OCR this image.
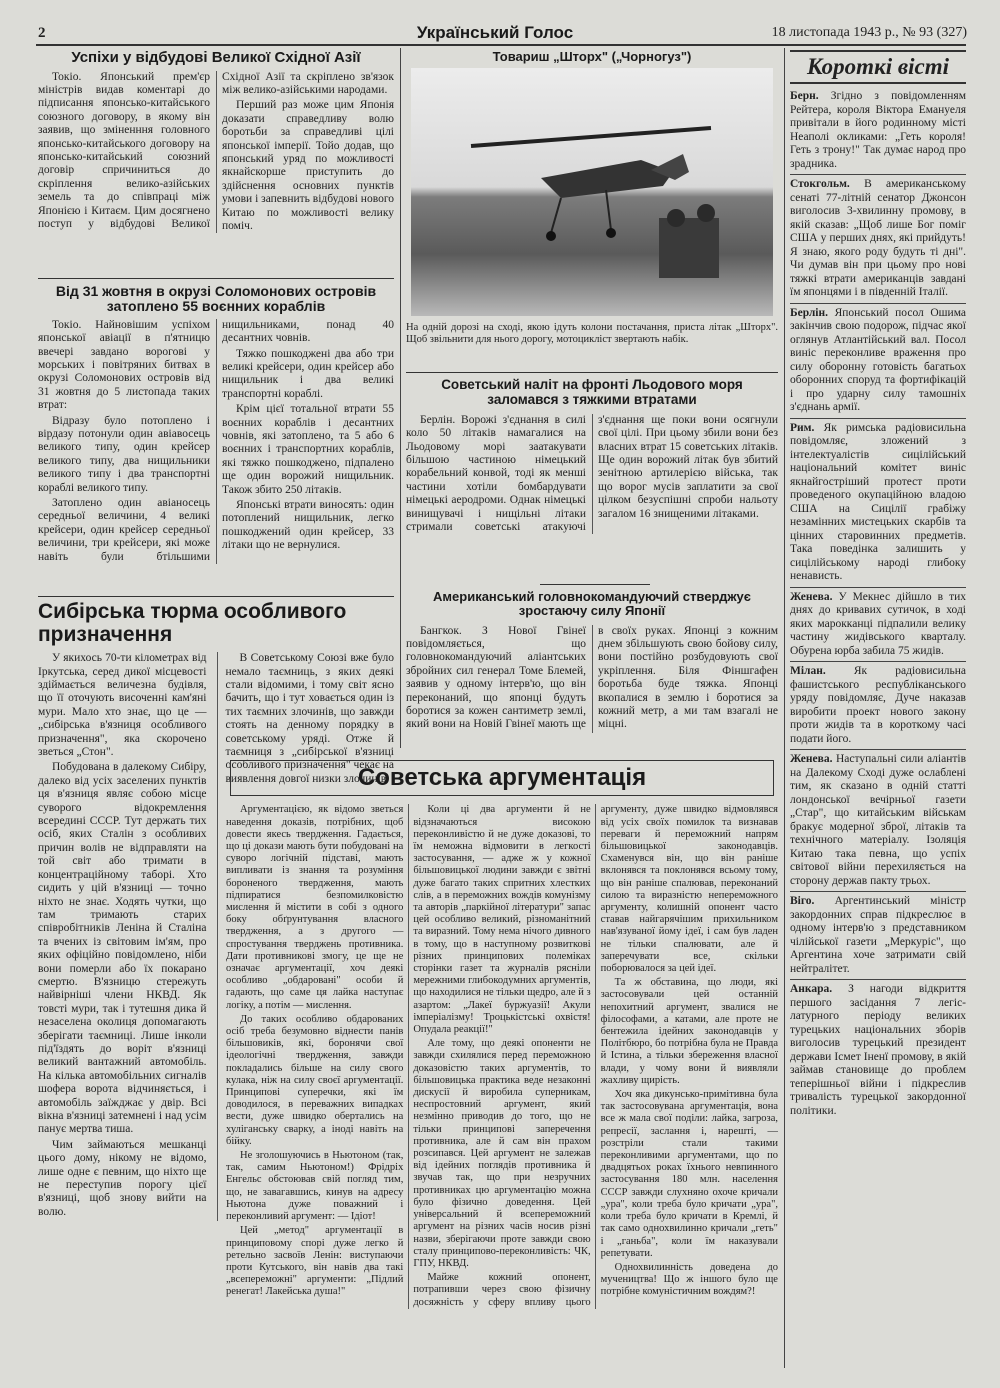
2	Український Голос	18 листопада 1943 р., № 93 (327)
Успіхи у відбудові Великої Східної Азії

Токіо. Японський прем'єр міністрів видав коментарі до підписання японсько-китайського союзного договору, в якому він заявив, що зміненння головного японсько-китайського договору на японсько-китайський союзний договір спричиниться до скріплення велико-азійських земель та до співпраці між Японією і Китаєм. Цим досягнено поступ у відбудові Великої Східної Азії та скріплено зв'язок між велико-азійськими народами.

Перший раз може цим Японія доказати справедливу волю боротьби за справедливі цілі японської імперії. Тойо додав, що японський уряд по можливості якнайскорше приступить до здійснення основних пунктів умови і запевнить відбудові нового Китаю по можливості велику поміч.

Від 31 жовтня в окрузі Соломонових островів затоплено 55 воєнних кораблів

Токіо. Найновішим успіхом японської авіації в п'ятницю ввечері завдано ворогові у морських і повітряних битвах в окрузі Соломонових островів від 31 жовтня до 5 листопада таких втрат:

Відразу було потоплено і вірдазу потонули один авіавосець великого типу, один крейсер великого типу, два нищильники великого типу і два транспортні кораблі великого типу.

Затоплено один авіаносець середньої величини, 4 великі крейсери, один крейсер середньої величини, три крейсери, які може навіть були бтільшими нищильниками, понад 40 десантних човнів.

Тяжко пошкоджені два або три великі крейсери, один крейсер або нищильник і два великі транспортні кораблі.

Крім цієї тотальної втрати 55 воєнних кораблів і десантних човнів, які затоплено, та 5 або 6 воєнних і транспортних кораблів, які тяжко пошкоджено, підпалено ще один ворожий нищильник. Також збито 250 літаків.

Японські втрати виносять: один потоплений нищильник, легко пошкоджений один крейсер, 33 літаки що не вернулися.

Товариш „Шторх" („Чорногуз")
На одній дорозі на сході, якою ідуть колони постачання, приста літак „Шторх". Щоб звільнити для нього дорогу, мотоцикліст звертають набік.
Советський наліт на фронті Льодового моря заломався з тяжкими втратами

Берлін. Ворожі з'єднання в силі коло 50 літаків намагалися на Льодовому морі заатакувати більшою частиною німецький корабельний конвой, тоді як менші частини хотіли бомбардувати німецькі аеродроми. Однак німецькі винищувачі і нищільні літаки стримали советські атакуючі з'єднання ще поки вони осягнули свої цілі. При цьому збили вони без власних втрат 15 советських літаків. Ще один ворожий літак був збитий зенітною артилерією війська, так що ворог мусів заплатити за свої цілком безуспішні спроби нальоту загалом 16 знищеними літаками.

Американський головнокомандуючий стверджує зростаючу силу Японії

Бангкок. З Нової Гвінеї повідомляється, що головнокомандуючий аліантських збройних сил генерал Томе Блемей, заявив у одному інтерв'ю, що він переконаний, що японці будуть боротися за кожен сантиметр землі, який вони на Новій Гвінеї мають ще в своїх руках. Японці з кожним днем збільшують свою бойову силу, вони постійно розбудовують свої укріплення. Біля Фіншгафен боротьба буде тяжка. Японці вкопалися в землю і боротися за кожний метр, а ми там взагалі не міцні.

Сибірська тюрма особливого призначення

У якихось 70-ти кілометрах від Іркутська, серед дикої місцевості здіймається величезна будівля, що її оточують височенні кам'яні мури. Мало хто знає, що це — „сибірська в'язниця особливого призначення", яка скорочено зветься „Стон".

Побудована в далекому Сибіру, далеко від усіх заселених пунктів ця в'язниця являє собою місце суворого відокремлення всередині СССР. Тут держать тих осіб, яких Сталін з особливих причин волів не відправляти на той світ або тримати в концентраційному таборі. Хто сидить у цій в'язниці — точно ніхто не знає. Ходять чутки, що там тримають старих співробітників Леніна й Сталіна та вчених із світовим ім'ям, про яких офіційно повідомлено, ніби вони померли або їх покарано смертю. В'язницю стережуть найвірніші члени НКВД. Як товсті мури, так і тутешня дика й незаселена околиця допомагають зберігати таємниці. Лише інколи під'їздять до воріт в'язниці великий вантажний автомобіль. На кілька автомобільних сигналів шофера ворота відчиняється, і автомобіль заїжджає у двір. Всі вікна в'язниці затемнені і над усім панує мертва тиша.

Чим займаються мешканці цього дому, нікому не відомо, лише одне є певним, що ніхто ще не переступив порогу цієї в'язниці, щоб знову вийти на волю.

В Советському Союзі вже було немало таємниць, з яких деякі стали відомими, і тому світ ясно бачить, що і тут ховається один із тих таємних злочинів, що завжди стоять на денному порядку в советському уряді. Отже й таємниця з „сибірської в'язниці особливого призначення" чекає на виявлення довгої низки злочинів.

Советська аргументація

Аргументацією, як відомо зветься наведення доказів, потрібних, щоб довести якесь твердження. Гадається, що ці докази мають бути побудовані на суворо логічній підставі, мають випливати із знання та розуміння бороненого твердження, мають підпиратися безпомилковістю мислення й містити в собі з одного боку обґрунтування власного твердження, а з другого — спростування тверджень противника. Дати противникові змогу, це ще не означає аргументації, хоч деякі особливо „обдаровані" особи й гадають, що саме ця лайка наступає логіку, а потім — мислення.

До таких особливо обдарованих осіб треба безумовно віднести панів більшовиків, які, боронячи свої ідеологічні твердження, завжди покладались більше на силу свого кулака, ніж на силу своєї аргументації. Принципові суперечки, які їм доводилося, в переважних випадках вести, дуже швидко обертались на хуліганську сварку, а іноді навіть на бійку.

Не зголошуючись в Ньютоном (так, так, самим Ньютоном!) Фрідріх Енгельс обстоював свій погляд тим, що, не завагавшись, кинув на адресу Ньютона дуже поважний і переконливий аргумент: — Ідіот!

Цей „метод" аргументації в принциповому спорі дуже легко й ретельно засвоїв Ленін: виступаючи проти Кутського, він навів два такі „всепереможні" аргументи: „Підлий ренегат! Лакейська душа!"

Коли ці два аргументи й не відзначаються високою переконливістю й не дуже доказові, то їм неможна відмовити в легкості застосування, — адже ж у кожної більшовицької людини завжди є звітні дуже багато таких спритних хлестких слів, а в переможних вождів комунізму та авторів „паркійної літератури" запас цей особливо великий, різноманітний та виразний. Тому нема нічого дивного в тому, що в наступному розвиткові різних принципових полеміках сторінки газет та журналів рясніли мережними глибокодумних аргументів, що находилися не тільки щедро, але й з азартом: „Лакеї буржуазії! Акули імперіалізму! Троцькістські охвістя! Опудала реакції!"

Але тому, що деякі опоненти не завжди схилялися перед переможною доказовістю таких аргументів, то більшовицька практика веде незаконні дискусії й виробила суперникам, неспростовний аргумент, який незмінно приводив до того, що не тільки принципові заперечення противника, але й сам він прахом розсипався. Цей аргумент не залежав від ідейних поглядів противника й звучав так, що при незручних противниках цю аргументацію можна було фізично доведення. Цей універсальний й всепереможний аргумент на різних часів носив різні назви, зберігаючи проте завжди свою сталу принципово-переконливість: ЧК, ГПУ, НКВД.

Майже кожний опонент, потрапивши через свою фізичну досяжність у сферу впливу цього аргументу, дуже швидко відмовлявся від усіх своїх помилок та визнавав переваги й переможний напрям більшовицької законодавців. Схаменувся він, що він раніше вклонявся та поклонявся всьому тому, що він раніше спалював, переконаний силою та виразністю непереможного аргументу, колишній опонент часто ставав найгарячішим прихильником нав'язуваної йому ідеї, і сам був ладен не тільки спалювати, але й заперечувати все, скільки поборювалося за цей ідеї.

Та ж обставина, що люди, які застосовували цей останній непохитний аргумент, звалися не філософами, а катами, але проте не бентежила ідейних законодавців у Політбюро, бо потрібна була не Правда й Істина, а тільки збереження власної влади, у чому вони й виявляли жахливу щирість.

Хоч яка дикунсько-примітивна була так застосовувана аргументація, вона все ж мала свої поділи: лайка, загроза, репресії, заслання і, нарешті, — розстріли стали такими переконливими аргументами, що по двадцятьох роках їхнього невпинного застосування 180 млн. населення СССР завжди слухняно охоче кричали „ура", коли треба було кричати „ура", коли треба було кричати в Кремлі, й так само однохвилинно кричали „геть" і „ганьба", коли їм наказували репетувати.

Однохвилинність доведена до мучеництва! Що ж іншого було ще потрібне комуністичним вождям?!

Короткі вісті
Берн. Згідно з повідомленням Рейтера, короля Віктора Емануеля привітали в його родинному місті Неаполі окликами: „Геть короля! Геть з трону!" Так думає народ про зрадника.
Стокгольм. В американському сенаті 77-літній сенатор Джонсон виголосив 3-хвилинну промову, в якій сказав: „Щоб лише Бог поміг США у перших днях, які прийдуть! Я знаю, якого роду будуть ті дні". Чи думав він при цьому про нові тяжкі втрати американців завдані їм японцями і в південній Італії.
Берлін. Японський посол Ошима закінчив свою подорож, підчас якої оглянув Атлантійський вал. Посол виніс переконливе враження про силу оборонну готовість багатьох оборонних споруд та фортифікацій і про ударну силу тамошніх з'єднань армії.
Рим. Як римська радіовисильна повідомляє, зложений з інтелектуалістів сицілійський національний комітет виніс якнайгостріший протест проти проведеного окупаційною владою США на Сицілії грабіжу незамінних мистецьких скарбів та цінних старовинних предметів. Така поведінка залишить у сицілійському народі глибоку ненависть.
Женева. У Мекнес дійшло в тих днях до кривавих сутичок, в ході яких марокканці підпалили велику частину жидівського кварталу. Обурена юрба забила 75 жидів.
Мілан. Як радіовисильна фашистського республіканського уряду повідомляє, Дуче наказав виробити проект нового закону проти жидів та в короткому часі подати його.
Женева. Наступальні сили аліантів на Далекому Сході дуже ослаблені тим, як сказано в одній статті лондонської вечірньої газети „Стар", що китайським військам бракує модерної зброї, літаків та технічного матеріалу. Ізоляція Китаю така певна, що успіх світової війни перехиляється на сторону держав пакту трьох.
Віго. Аргентинський міністр закордонних справ підкреслює в одному інтерв'ю з представником чілійської газети „Меркуріс", що Аргентина хоче затримати свій нейтралітет.
Анкара. З нагоди відкриття першого засідання 7 легіс-латурного періоду великих турецьких національних зборів виголосив турецький президент держави Ісмет Іненї промову, в якій займав становище до проблем теперішньої війни і підкреслив тривалість турецької закордонної політики.
